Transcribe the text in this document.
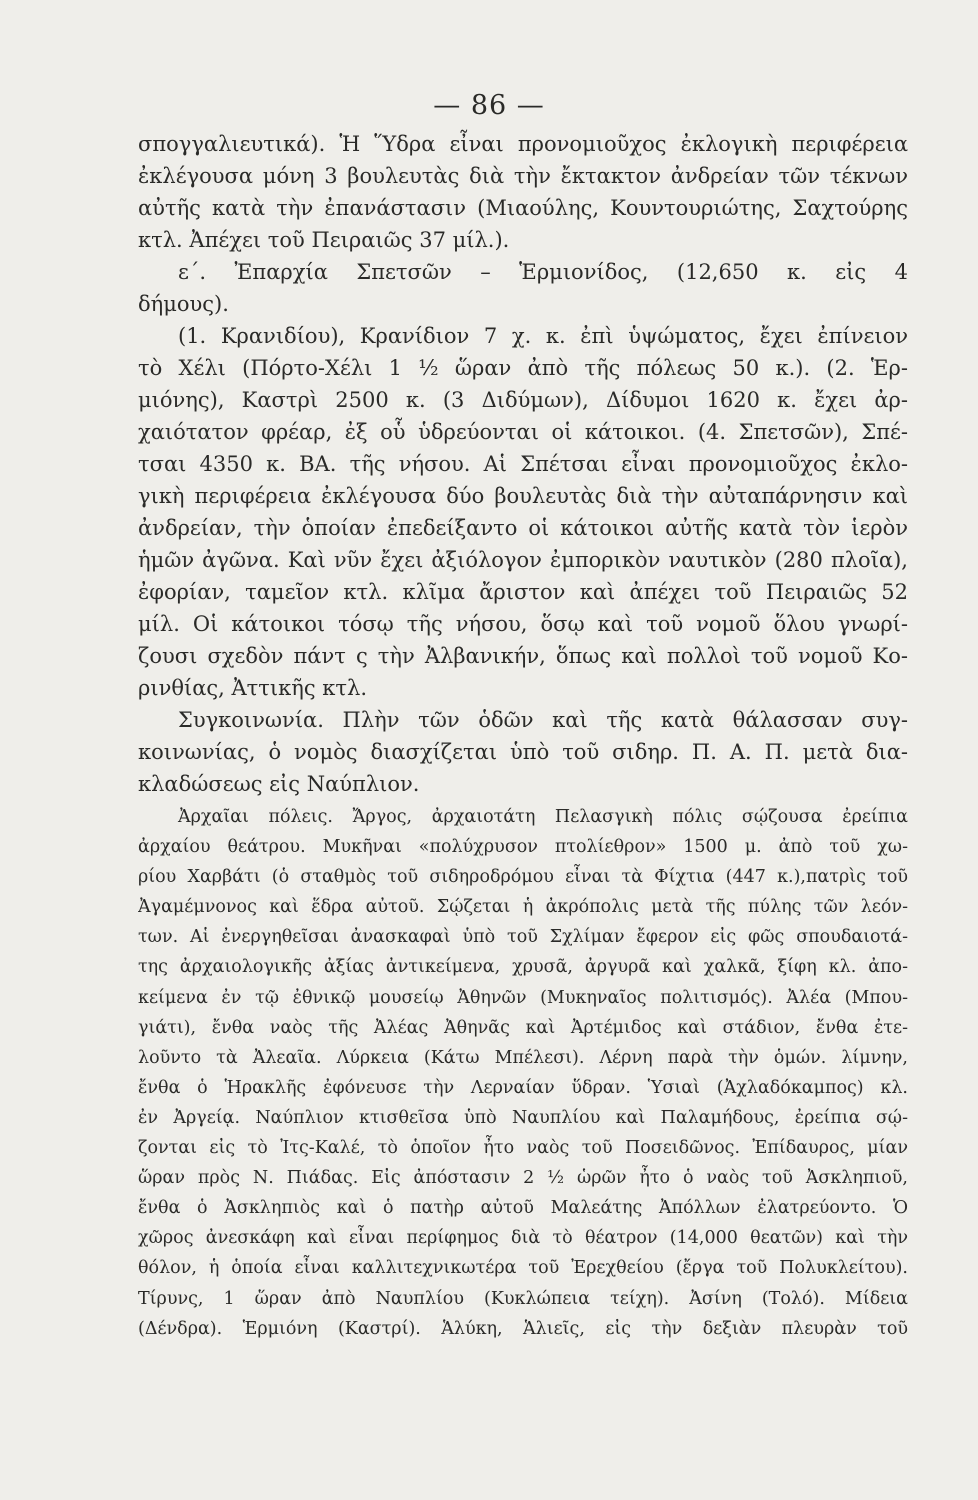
— 86 —
σπογγαλιευτικά). Ἡ Ὕδρα εἶναι προνομιοῦχος ἐκλογικὴ περιφέρεια
ἐκλέγουσα μόνη 3 βουλευτὰς διὰ τὴν ἔκτακτον ἀνδρείαν τῶν τέκνων
αὐτῆς κατὰ τὴν ἐπανάστασιν (Μιαούλης, Κουντουριώτης, Σαχτούρης
κτλ. Ἀπέχει τοῦ Πειραιῶς 37 μίλ.).
ε΄. Ἐπαρχία Σπετσῶν – Ἑρμιονίδος, (12,650 κ. εἰς 4
δήμους).
(1. Κρανιδίου), Κρανίδιον 7 χ. κ. ἐπὶ ὑψώματος, ἔχει ἐπίνειον
τὸ Χέλι (Πόρτο-Χέλι 1 ½ ὥραν ἀπὸ τῆς πόλεως 50 κ.). (2. Ἑρ-
μιόνης), Καστρὶ 2500 κ. (3 Διδύμων), Δίδυμοι 1620 κ. ἔχει ἀρ-
χαιότατον φρέαρ, ἐξ οὗ ὑδρεύονται οἱ κάτοικοι. (4. Σπετσῶν), Σπέ-
τσαι 4350 κ. ΒΑ. τῆς νήσου. Αἱ Σπέτσαι εἶναι προνομιοῦχος ἐκλο-
γικὴ περιφέρεια ἐκλέγουσα δύο βουλευτὰς διὰ τὴν αὐταπάρνησιν καὶ
ἀνδρείαν, τὴν ὁποίαν ἐπεδείξαντο οἱ κάτοικοι αὐτῆς κατὰ τὸν ἱερὸν
ἡμῶν ἀγῶνα. Καὶ νῦν ἔχει ἀξιόλογον ἐμπορικὸν ναυτικὸν (280 πλοῖα),
ἐφορίαν, ταμεῖον κτλ. κλῖμα ἄριστον καὶ ἀπέχει τοῦ Πειραιῶς 52
μίλ. Οἱ κάτοικοι τόσῳ τῆς νήσου, ὅσῳ καὶ τοῦ νομοῦ ὅλου γνωρί-
ζουσι σχεδὸν πάντ ς τὴν Ἀλβανικήν, ὅπως καὶ πολλοὶ τοῦ νομοῦ Κο-
ρινθίας, Ἀττικῆς κτλ.
Συγκοινωνία. Πλὴν τῶν ὁδῶν καὶ τῆς κατὰ θάλασσαν συγ-
κοινωνίας, ὁ νομὸς διασχίζεται ὑπὸ τοῦ σιδηρ. Π. Α. Π. μετὰ δια-
κλαδώσεως εἰς Ναύπλιον.
Ἀρχαῖαι πόλεις. Ἄργος, ἀρχαιοτάτη Πελασγικὴ πόλις σῴζουσα ἐρείπια
ἀρχαίου θεάτρου. Μυκῆναι «πολύχρυσον πτολίεθρον» 1500 μ. ἀπὸ τοῦ χω-
ρίου Χαρβάτι (ὁ σταθμὸς τοῦ σιδηροδρόμου εἶναι τὰ Φίχτια (447 κ.),πατρὶς τοῦ
Ἀγαμέμνονος καὶ ἕδρα αὐτοῦ. Σῴζεται ἡ ἀκρόπολις μετὰ τῆς πύλης τῶν λεόν-
των. Αἱ ἐνεργηθεῖσαι ἀνασκαφαὶ ὑπὸ τοῦ Σχλίμαν ἔφερον εἰς φῶς σπουδαιοτά-
της ἀρχαιολογικῆς ἀξίας ἀντικείμενα, χρυσᾶ, ἀργυρᾶ καὶ χαλκᾶ, ξίφη κλ. ἀπο-
κείμενα ἐν τῷ ἐθνικῷ μουσείῳ Ἀθηνῶν (Μυκηναῖος πολιτισμός). Ἀλέα (Μπου-
γιάτι), ἔνθα ναὸς τῆς Ἀλέας Ἀθηνᾶς καὶ Ἀρτέμιδος καὶ στάδιον, ἔνθα ἐτε-
λοῦντο τὰ Ἀλεαῖα. Λύρκεια (Κάτω Μπέλεσι). Λέρνη παρὰ τὴν ὁμών. λίμνην,
ἔνθα ὁ Ἡρακλῆς ἐφόνευσε τὴν Λερναίαν ὕδραν. Ὑσιαὶ (Ἀχλαδόκαμπος) κλ.
ἐν Ἀργείᾳ. Ναύπλιον κτισθεῖσα ὑπὸ Ναυπλίου καὶ Παλαμήδους, ἐρείπια σῴ-
ζονται εἰς τὸ Ἰτς-Καλέ, τὸ ὁποῖον ἦτο ναὸς τοῦ Ποσειδῶνος. Ἐπίδαυρος, μίαν
ὥραν πρὸς Ν. Πιάδας. Εἰς ἀπόστασιν 2 ½ ὡρῶν ἦτο ὁ ναὸς τοῦ Ἀσκληπιοῦ,
ἔνθα ὁ Ἀσκληπιὸς καὶ ὁ πατὴρ αὐτοῦ Μαλεάτης Ἀπόλλων ἐλατρεύοντο. Ὁ
χῶρος ἀνεσκάφη καὶ εἶναι περίφημος διὰ τὸ θέατρον (14,000 θεατῶν) καὶ τὴν
θόλον, ἡ ὁποία εἶναι καλλιτεχνικωτέρα τοῦ Ἐρεχθείου (ἔργα τοῦ Πολυκλείτου).
Τίρυνς, 1 ὥραν ἀπὸ Ναυπλίου (Κυκλώπεια τείχη). Ἀσίνη (Τολό). Μίδεια
(Δένδρα). Ἑρμιόνη (Καστρί). Ἁλύκη, Ἁλιεῖς, εἰς τὴν δεξιὰν πλευρὰν τοῦ
